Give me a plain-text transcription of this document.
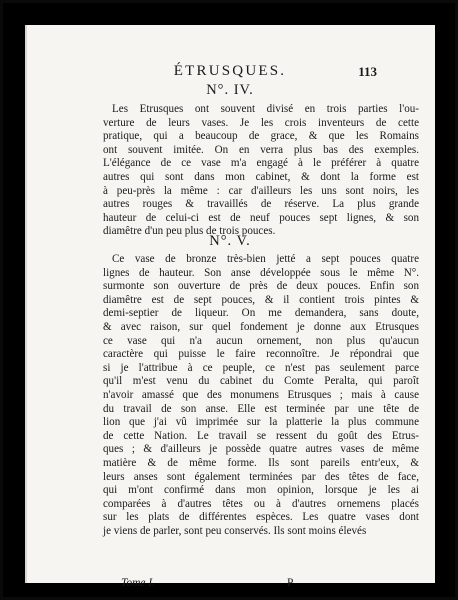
ÉTRUSQUES.	113
N°. IV.
Les Etrusques ont souvent divisé en trois parties l'ou-
verture de leurs vases. Je les crois inventeurs de cette
pratique, qui a beaucoup de grace, & que les Romains
ont souvent imitée. On en verra plus bas des exemples.
L'élégance de ce vase m'a engagé à le préférer à quatre
autres qui sont dans mon cabinet, & dont la forme est
à peu-près la même : car d'ailleurs les uns sont noirs, les
autres rouges & travaillés de réserve. La plus grande
hauteur de celui-ci est de neuf pouces sept lignes, & son
diamêtre d'un peu plus de trois pouces.
N°. V.
Ce vase de bronze très-bien jetté a sept pouces quatre
lignes de hauteur. Son anse développée sous le même N°.
surmonte son ouverture de près de deux pouces. Enfin son
diamêtre est de sept pouces, & il contient trois pintes &
demi-septier de liqueur. On me demandera, sans doute,
& avec raison, sur quel fondement je donne aux Etrusques
ce vase qui n'a aucun ornement, non plus qu'aucun
caractère qui puisse le faire reconnoître. Je répondrai que
si je l'attribue à ce peuple, ce n'est pas seulement parce
qu'il m'est venu du cabinet du Comte Peralta, qui paroît
n'avoir amassé que des monumens Etrusques ; mais à cause
du travail de son anse. Elle est terminée par une tête de
lion que j'ai vû imprimée sur la platterie la plus commune
de cette Nation. Le travail se ressent du goût des Etrus-
ques ; & d'ailleurs je possède quatre autres vases de même
matière & de même forme. Ils sont pareils entr'eux, &
leurs anses sont également terminées par des têtes de face,
qui m'ont confirmé dans mon opinion, lorsque je les ai
comparées à d'autres têtes ou à d'autres ornemens placés
sur les plats de différentes espèces. Les quatre vases dont
je viens de parler, sont peu conservés. Ils sont moins élevés
Tome I.	P
